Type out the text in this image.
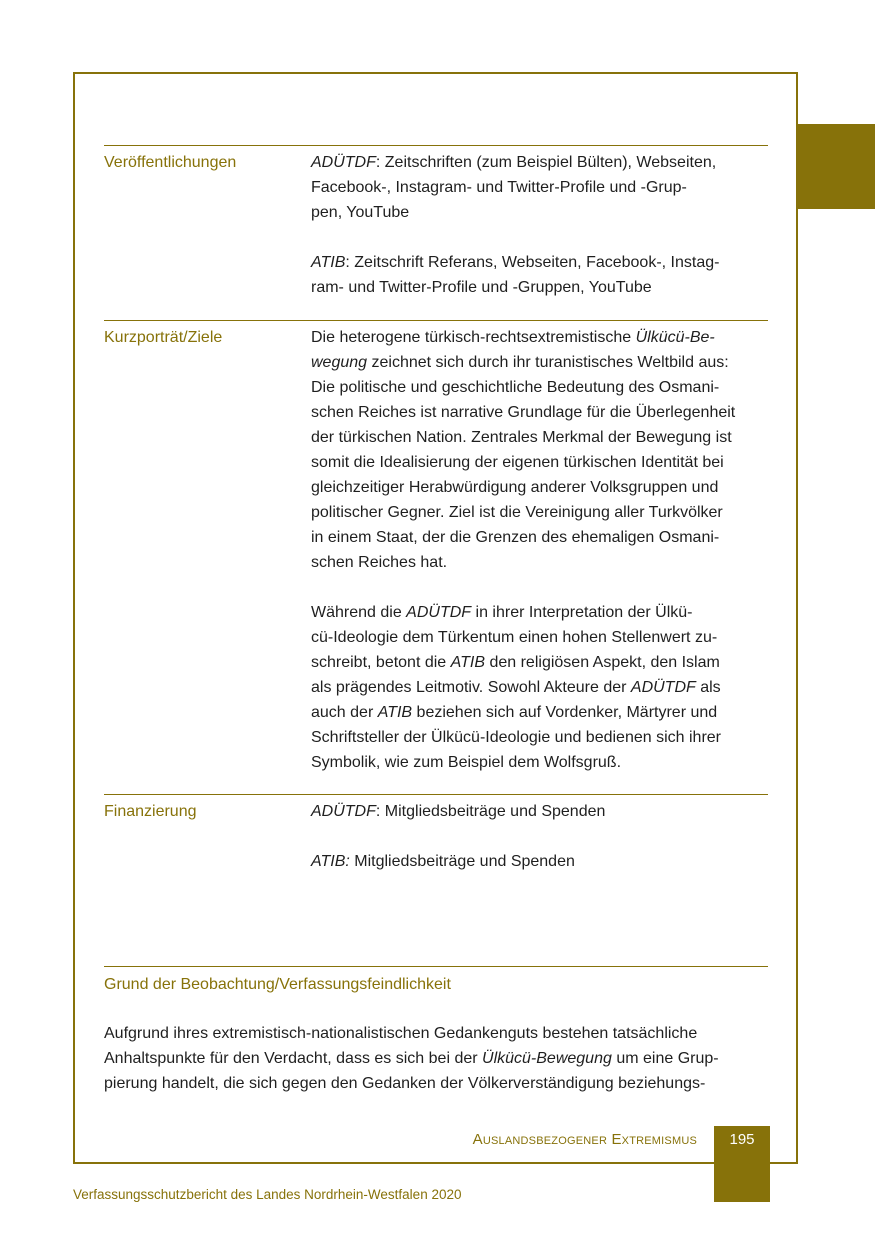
Veröffentlichungen	ADÜTDF: Zeitschriften (zum Beispiel Bülten), Webseiten,
Facebook-, Instagram- und Twitter-Profile und -Grup-
pen, YouTube

ATIB: Zeitschrift Referans, Webseiten, Facebook-, Instag-
ram- und Twitter-Profile und -Gruppen, YouTube

Kurzporträt/Ziele	Die heterogene türkisch-rechtsextremistische Ülkücü-Be-
wegung zeichnet sich durch ihr turanistisches Weltbild aus:
Die politische und geschichtliche Bedeutung des Osmani-
schen Reiches ist narrative Grundlage für die Überlegenheit
der türkischen Nation. Zentrales Merkmal der Bewegung ist
somit die Idealisierung der eigenen türkischen Identität bei
gleichzeitiger Herabwürdigung anderer Volksgruppen und
politischer Gegner. Ziel ist die Vereinigung aller Turkvölker
in einem Staat, der die Grenzen des ehemaligen Osmani-
schen Reiches hat.

Während die ADÜTDF in ihrer Interpretation der Ülkü-
cü-Ideologie dem Türkentum einen hohen Stellenwert zu-
schreibt, betont die ATIB den religiösen Aspekt, den Islam
als prägendes Leitmotiv. Sowohl Akteure der ADÜTDF als
auch der ATIB beziehen sich auf Vordenker, Märtyrer und
Schriftsteller der Ülkücü-Ideologie und bedienen sich ihrer
Symbolik, wie zum Beispiel dem Wolfsgruß.

Finanzierung	ADÜTDF: Mitgliedsbeiträge und Spenden

ATIB: Mitgliedsbeiträge und Spenden

Grund der Beobachtung/Verfassungsfeindlichkeit
Aufgrund ihres extremistisch-nationalistischen Gedankenguts bestehen tatsächliche
Anhaltspunkte für den Verdacht, dass es sich bei der Ülkücü-Bewegung um eine Grup-
pierung handelt, die sich gegen den Gedanken der Völkerverständigung beziehungs-
Auslandsbezogener Extremismus	195
Verfassungsschutzbericht des Landes Nordrhein-Westfalen 2020
